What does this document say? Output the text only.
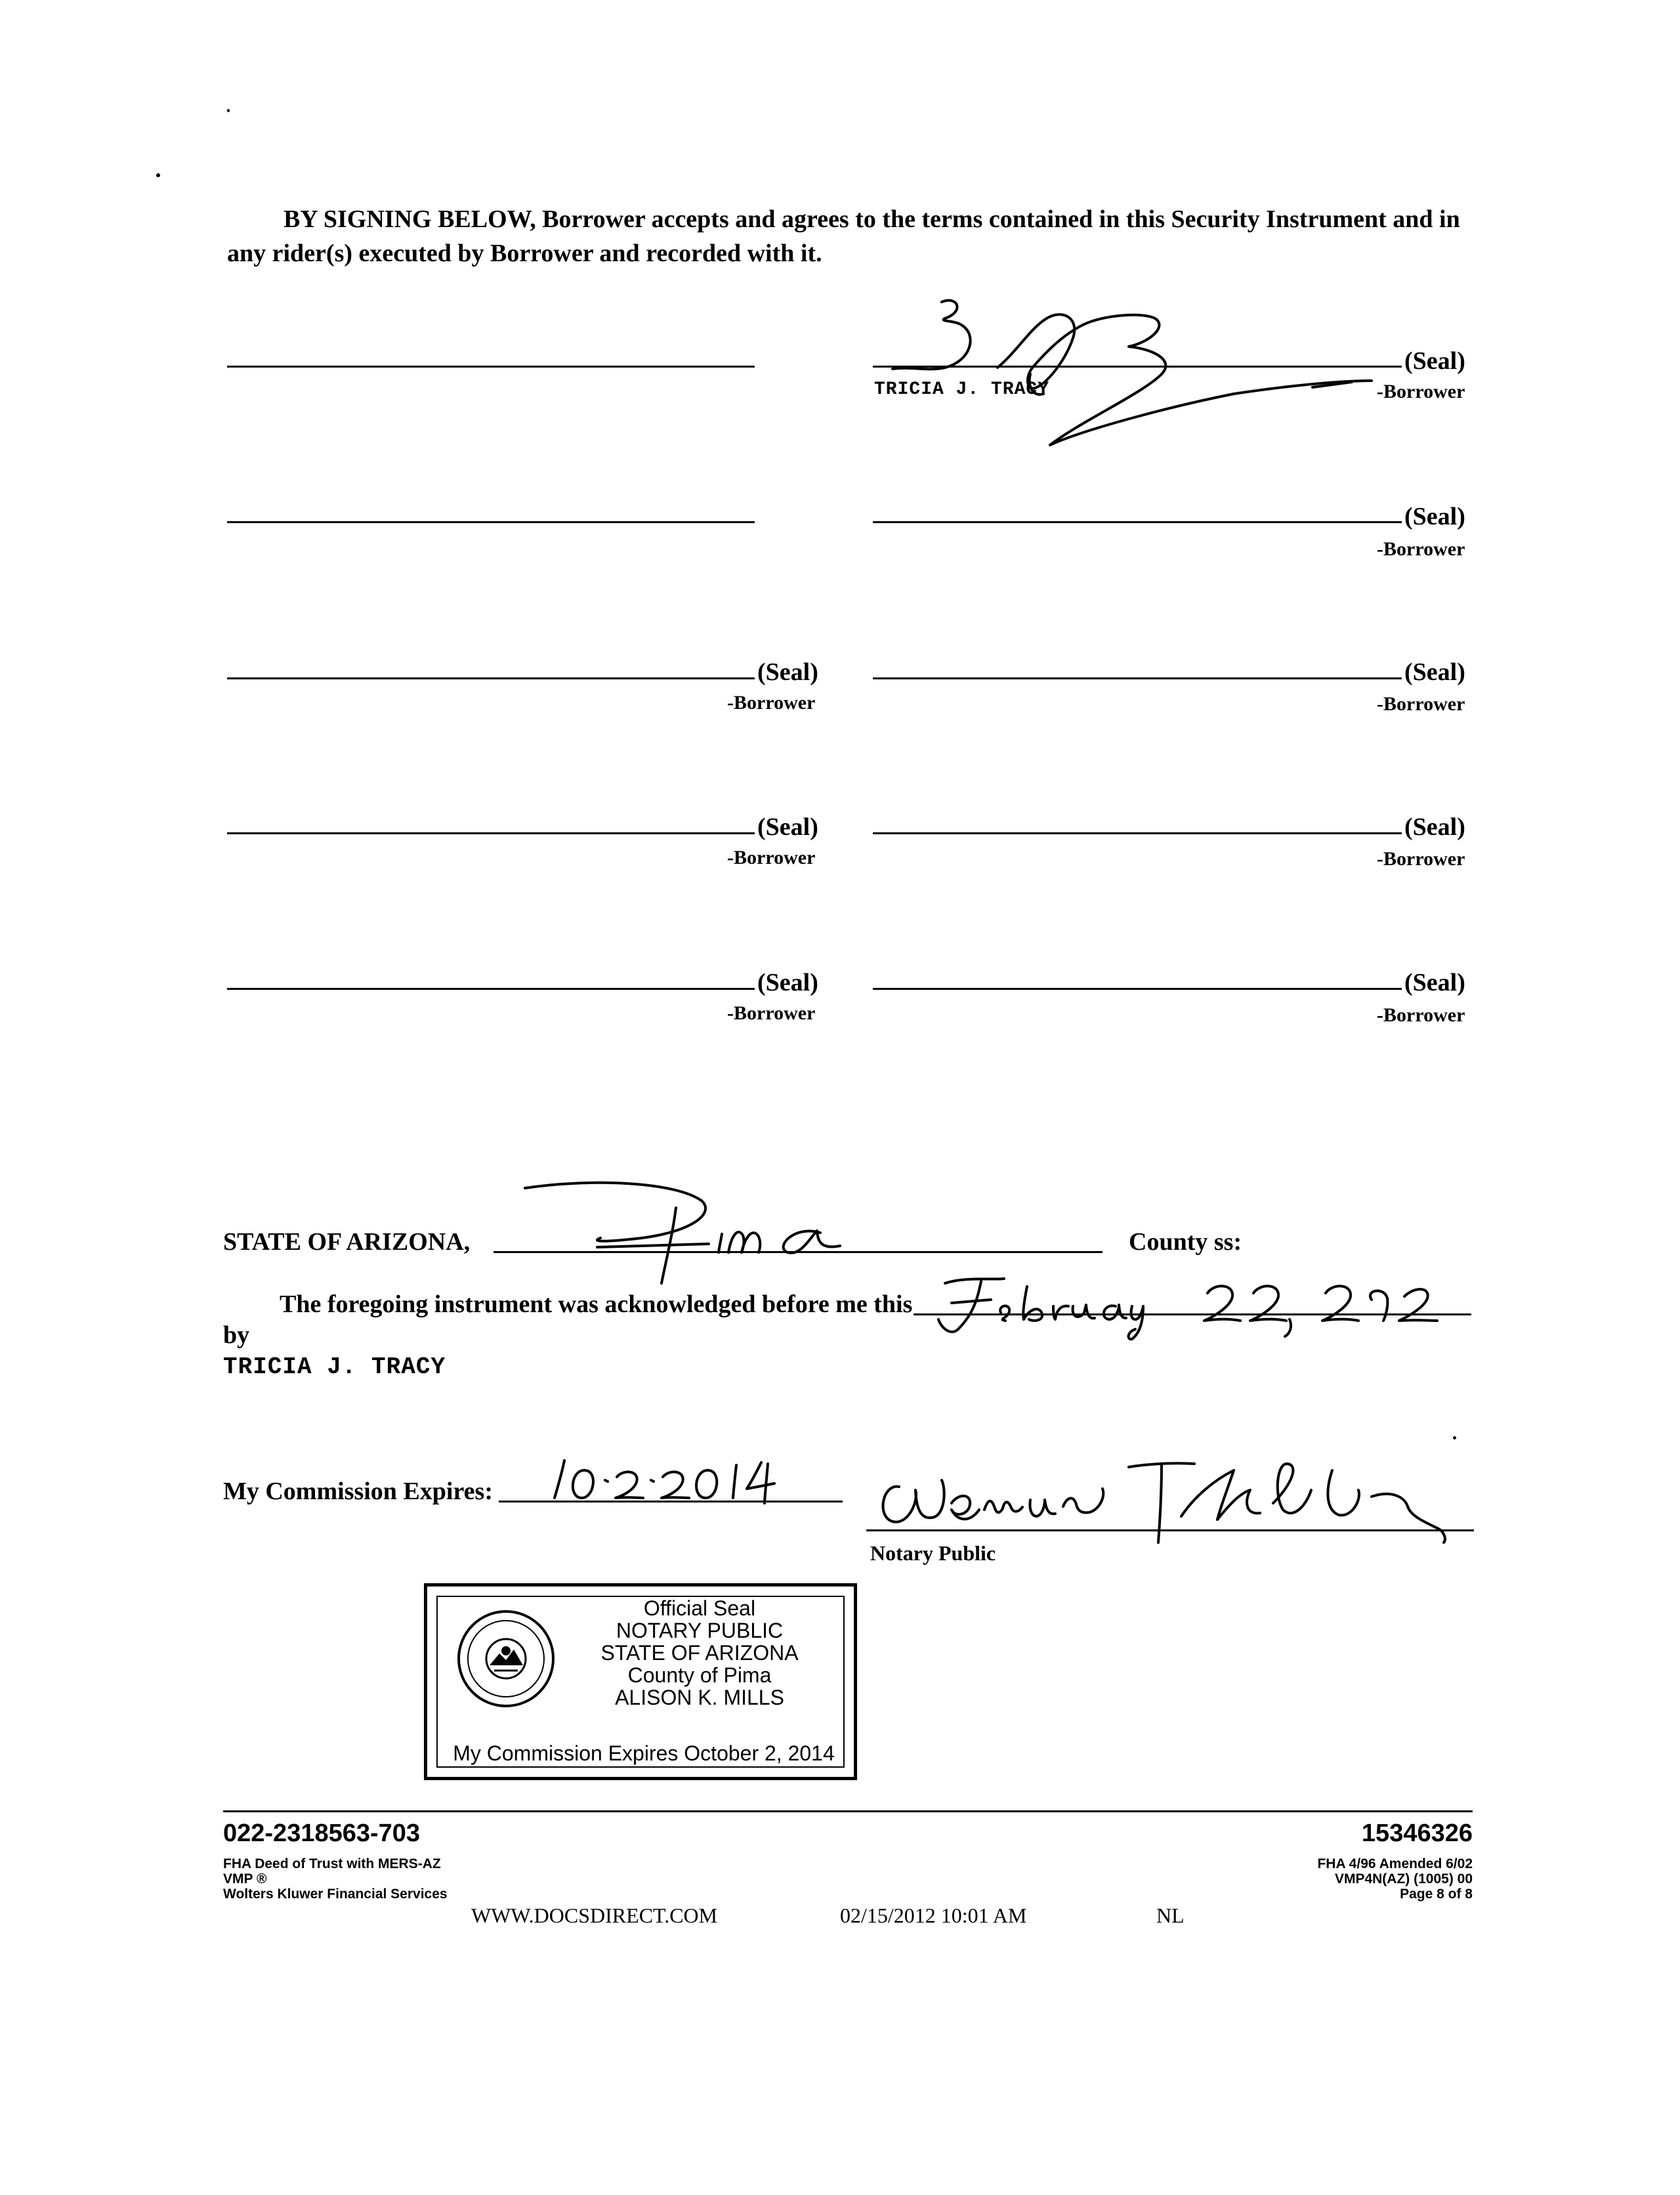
BY SIGNING BELOW, Borrower accepts and agrees to the terms contained in this Security Instrument and in any rider(s) executed by Borrower and recorded with it.
(Seal)
TRICIA J. TRACY	-Borrower
(Seal)
-Borrower
(Seal)
-Borrower
(Seal)
-Borrower
(Seal)
-Borrower
(Seal)
-Borrower
(Seal)
-Borrower
(Seal)
-Borrower
STATE OF ARIZONA,	County ss:
The foregoing instrument was acknowledged before me this
by
TRICIA J. TRACY
My Commission Expires:
Notary Public
Official Seal
NOTARY PUBLIC
STATE OF ARIZONA
County of Pima
ALISON K. MILLS
My Commission Expires October 2, 2014
022-2318563-703	15346326
FHA Deed of Trust with MERS-AZ
VMP ®
Wolters Kluwer Financial Services
FHA 4/96 Amended 6/02
VMP4N(AZ) (1005) 00
Page 8 of 8
WWW.DOCSDIRECT.COM	02/15/2012 10:01 AM	NL
